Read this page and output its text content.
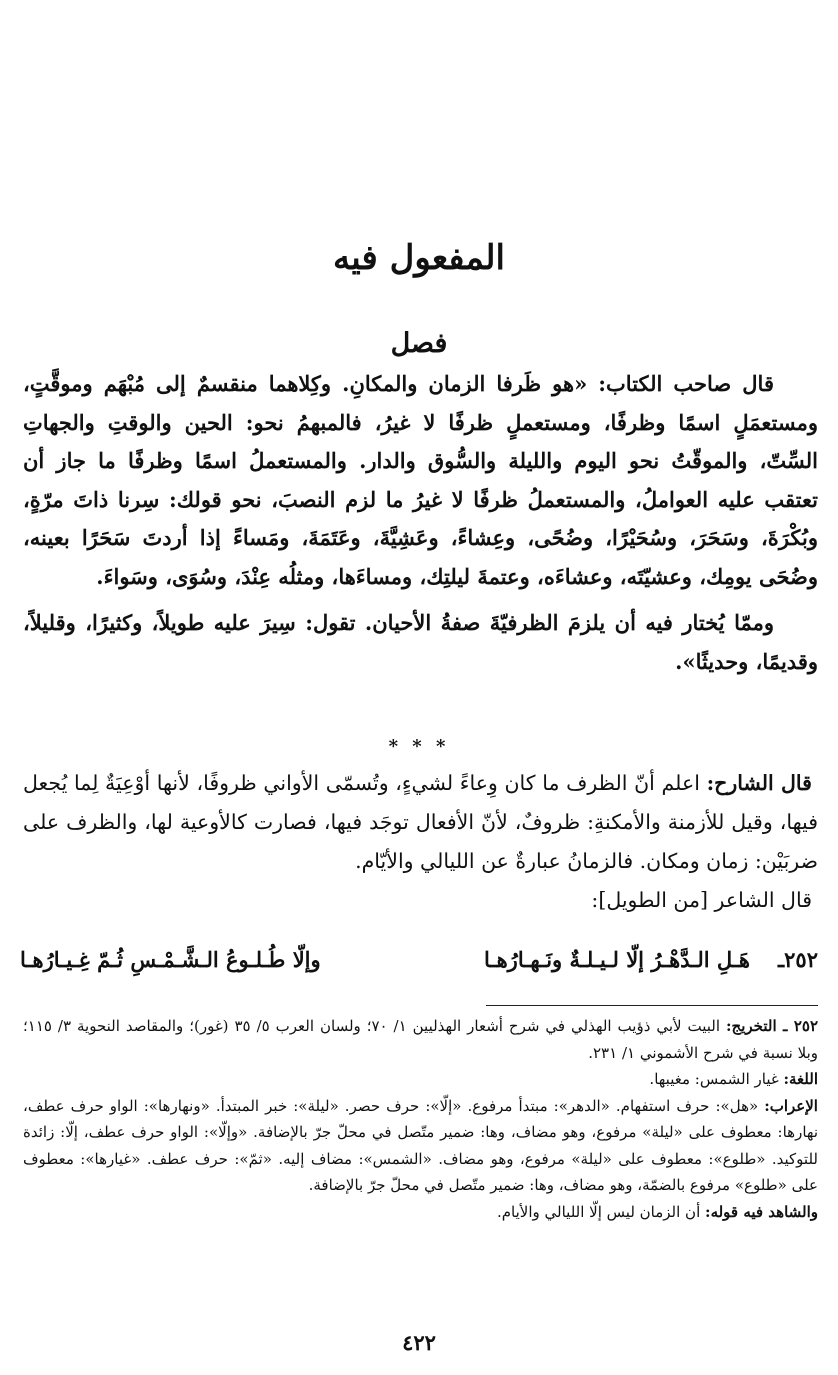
المفعول فيه
فصل

قال صاحب الكتاب: «هو ظَرفا الزمان والمكانِ. وكِلاهما منقسمٌ إلى مُبْهَم وموقَّتٍ، ومستعمَلٍ اسمًا وظرفًا، ومستعملٍ ظرفًا لا غيرُ، فالمبهمُ نحو: الحين والوقتِ والجهاتِ السِّتّ، والموقّتُ نحو اليوم والليلة والسُّوق والدار. والمستعملُ اسمًا وظرفًا ما جاز أن تعتقب عليه العواملُ، والمستعملُ ظرفًا لا غيرُ ما لزم النصبَ، نحو قولك: سِرنا ذاتَ مرّةٍ، وبُكْرَةَ، وسَحَرَ، وسُحَيْرًا، وضُحًى، وعِشاءً، وعَشِيَّةَ، وعَتَمَةَ، ومَساءً إذا أردتَ سَحَرًا بعينه، وضُحَى يومِك، وعشيّتَه، وعشاءَه، وعتمةَ ليلتِك، ومساءَها، ومثلُه عِنْدَ، وسُوَى، وسَواءَ.

وممّا يُختار فيه أن يلزمَ الظرفيّةَ صفةُ الأحيان. تقول: سِيرَ عليه طويلاً، وكثيرًا، وقليلاً، وقديمًا، وحديثًا».

* * *

قال الشارح: اعلم أنّ الظرف ما كان وِعاءً لشيءٍ، وتُسمّى الأواني ظروفًا، لأنها أوْعِيَةٌ لِما يُجعل فيها، وقيل للأزمنة والأمكنةِ: ظروفٌ، لأنّ الأفعال توجَد فيها، فصارت كالأوعية لها، والظرف على ضربَيْن: زمان ومكان. فالزمانُ عبارةٌ عن الليالي والأيّام.

قال الشاعر [من الطويل]:

٢٥٢ـ
هَـلِ الـدَّهْـرُ إلّا لـيـلـةٌ ونَـهـارُهـا
وإلّا طُـلـوعُ الـشَّـمْـسِ ثُـمّ غِـيـارُهـا

٢٥٢ ـ التخريج: البيت لأبي ذؤيب الهذلي في شرح أشعار الهذليين ١/ ٧٠؛ ولسان العرب ٥/ ٣٥ (غور)؛ والمقاصد النحوية ٣/ ١١٥؛ وبلا نسبة في شرح الأشموني ١/ ٢٣١.

اللغة: غيار الشمس: مغيبها.

الإعراب: «هل»: حرف استفهام. «الدهر»: مبتدأ مرفوع. «إلّا»: حرف حصر. «ليلة»: خبر المبتدأ. «ونهارها»: الواو حرف عطف، نهارها: معطوف على «ليلة» مرفوع، وهو مضاف، وها: ضمير متّصل في محلّ جرّ بالإضافة. «وإلّا»: الواو حرف عطف، إلّا: زائدة للتوكيد. «طلوع»: معطوف على «ليلة» مرفوع، وهو مضاف. «الشمس»: مضاف إليه. «ثمّ»: حرف عطف. «غيارها»: معطوف على «طلوع» مرفوع بالضمّة، وهو مضاف، وها: ضمير متّصل في محلّ جرّ بالإضافة.

والشاهد فيه قوله: أن الزمان ليس إلّا الليالي والأيام.

٤٢٢
